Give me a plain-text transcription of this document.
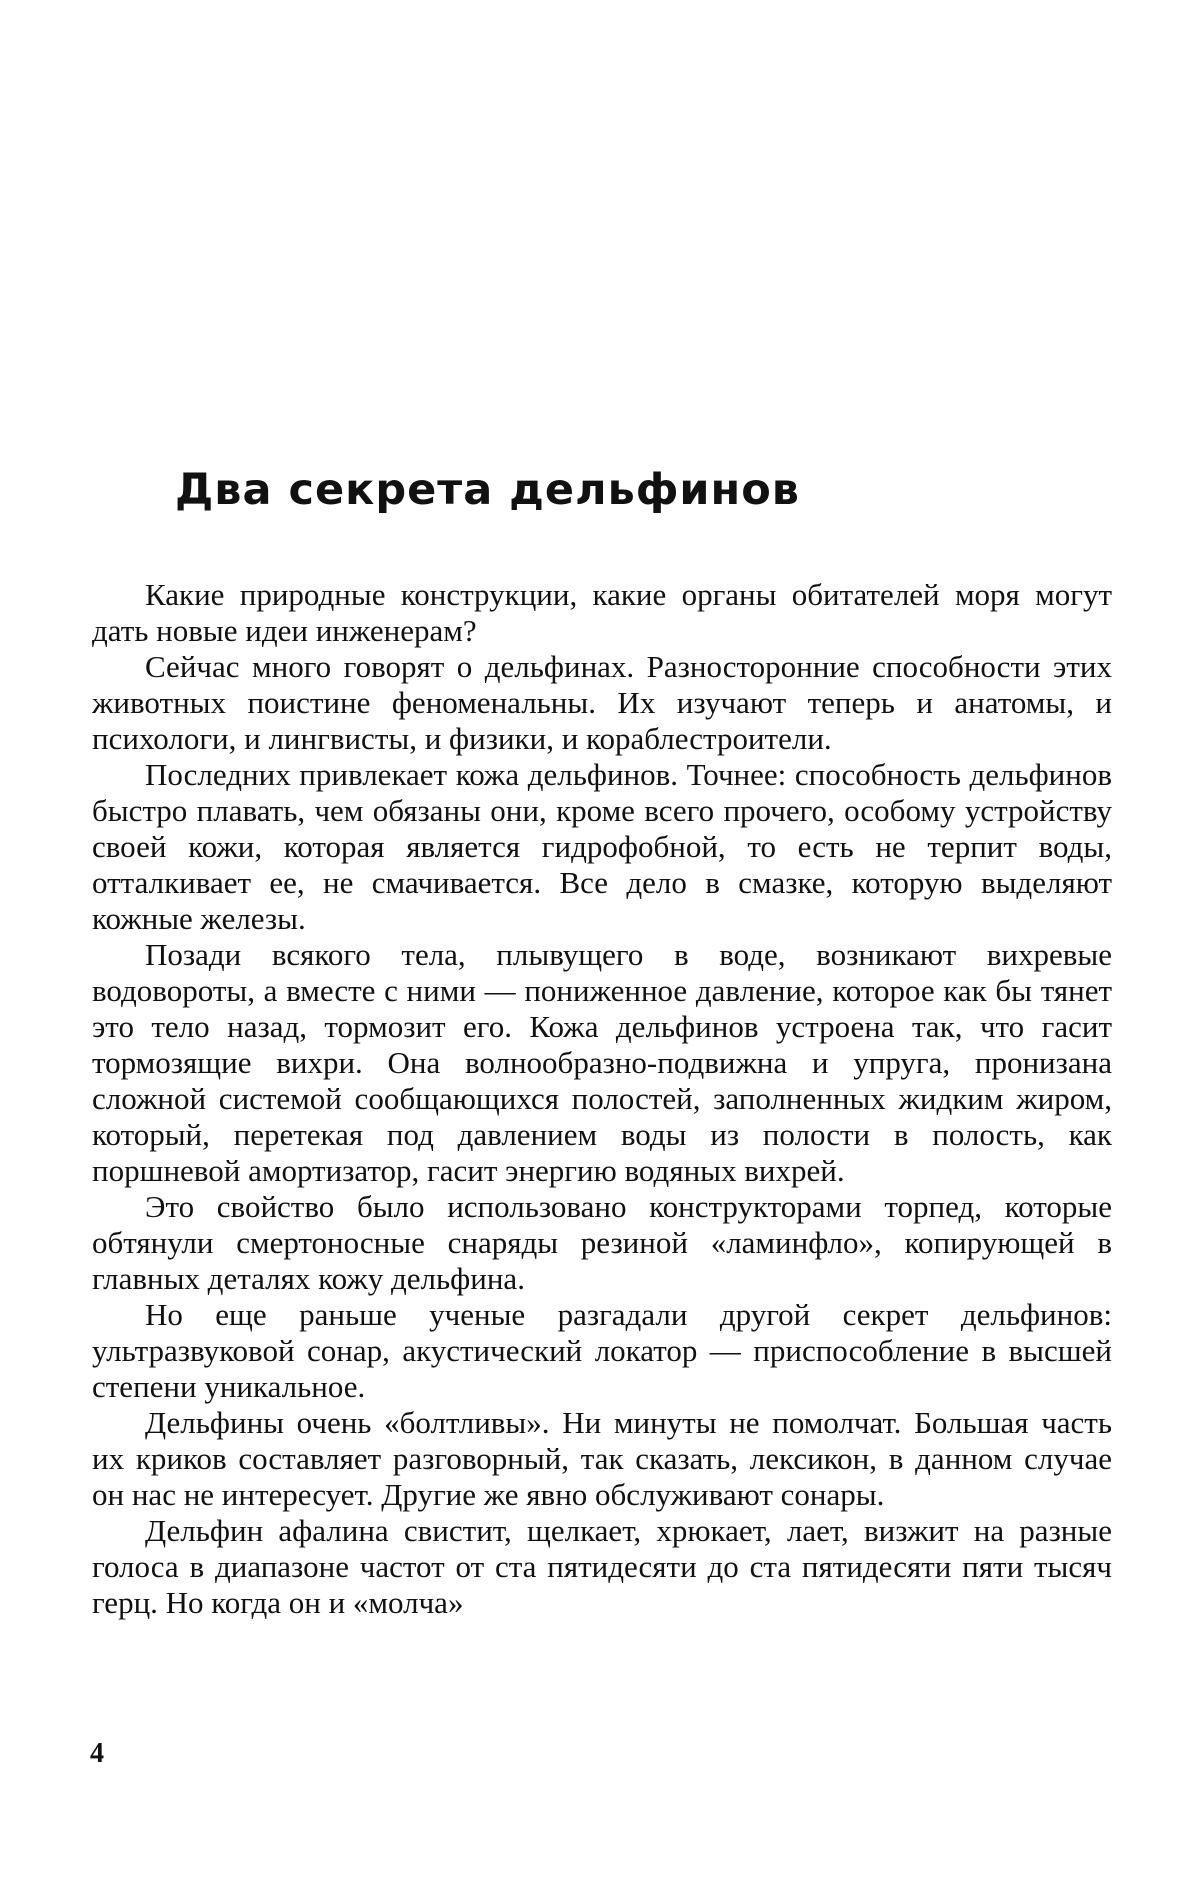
Два секрета дельфинов

Какие природные конструкции, какие органы обитателей моря могут дать новые идеи инженерам?

Сейчас много говорят о дельфинах. Разносторонние способности этих животных поистине феноменальны. Их изучают теперь и анатомы, и психологи, и лингвисты, и физики, и кораблестроители.

Последних привлекает кожа дельфинов. Точнее: способность дельфинов быстро плавать, чем обязаны они, кроме всего прочего, особому устройству своей кожи, которая является гидрофобной, то есть не терпит воды, отталкивает ее, не смачивается. Все дело в смазке, которую выделяют кожные железы.

Позади всякого тела, плывущего в воде, возникают вихревые водовороты, а вместе с ними — пониженное давление, которое как бы тянет это тело назад, тормозит его. Кожа дельфинов устроена так, что гасит тормозящие вихри. Она волнообразно-подвижна и упруга, пронизана сложной системой сообщающихся полостей, заполненных жидким жиром, который, перетекая под давлением воды из полости в полость, как поршневой амортизатор, гасит энергию водяных вихрей.

Это свойство было использовано конструкторами торпед, которые обтянули смертоносные снаряды резиной «ламинфло», копирующей в главных деталях кожу дельфина.

Но еще раньше ученые разгадали другой секрет дельфинов: ультразвуковой сонар, акустический локатор — приспособление в высшей степени уникальное.

Дельфины очень «болтливы». Ни минуты не помолчат. Большая часть их криков составляет разговорный, так сказать, лексикон, в данном случае он нас не интересует. Другие же явно обслуживают сонары.

Дельфин афалина свистит, щелкает, хрюкает, лает, визжит на разные голоса в диапазоне частот от ста пятидесяти до ста пятидесяти пяти тысяч герц. Но когда он и «молча»

4
